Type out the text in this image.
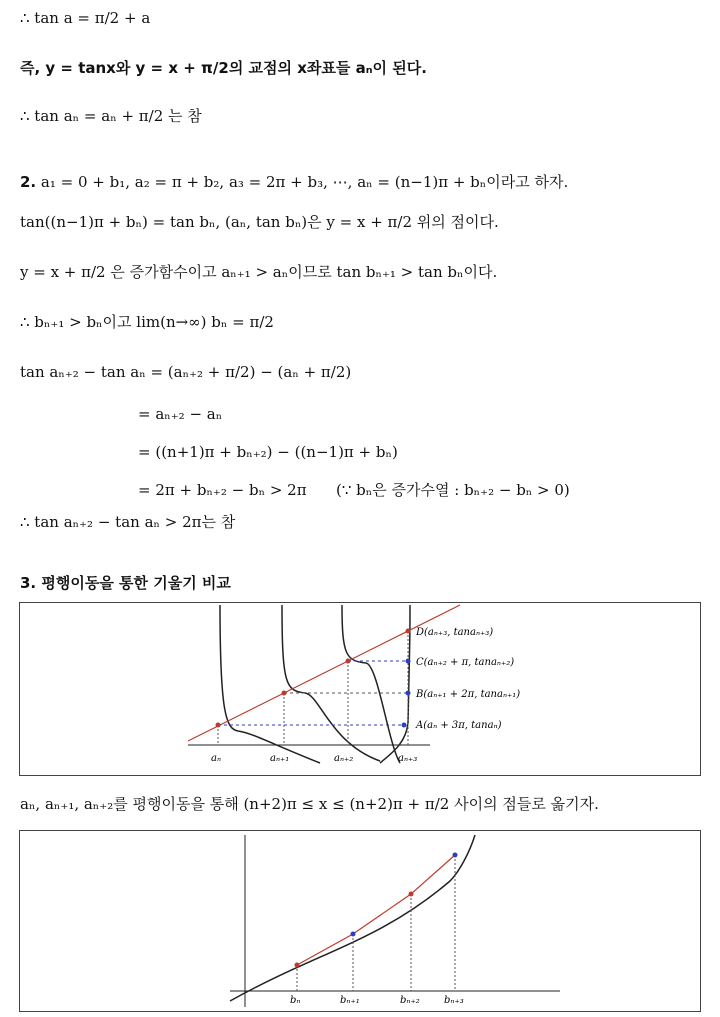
∴ tan a = π/2 + a
즉, y = tanx와 y = x + π/2의 교점의 x좌표들 aₙ이 된다.
∴ tan aₙ = aₙ + π/2 는 참
2. a₁ = 0 + b₁, a₂ = π + b₂, a₃ = 2π + b₃, ⋯, aₙ = (n−1)π + bₙ이라고 하자.
tan((n−1)π + bₙ) = tan bₙ, (aₙ, tan bₙ)은 y = x + π/2 위의 점이다.
y = x + π/2 은 증가함수이고 aₙ₊₁ > aₙ이므로 tan bₙ₊₁ > tan bₙ이다.
∴ bₙ₊₁ > bₙ이고 lim(n→∞) bₙ = π/2
tan aₙ₊₂ − tan aₙ = (aₙ₊₂ + π/2) − (aₙ + π/2)
= aₙ₊₂ − aₙ
= ((n+1)π + bₙ₊₂) − ((n−1)π + bₙ)
= 2π + bₙ₊₂ − bₙ > 2π (∵ bₙ은 증가수열 : bₙ₊₂ − bₙ > 0)
∴ tan aₙ₊₂ − tan aₙ > 2π는 참
3. 평행이동을 통한 기울기 비교
D(aₙ₊₃, tanaₙ₊₃)
C(aₙ₊₂ + π, tanaₙ₊₂)
B(aₙ₊₁ + 2π, tanaₙ₊₁)
A(aₙ + 3π, tanaₙ)
aₙ	aₙ₊₁	aₙ₊₂	aₙ₊₃
aₙ, aₙ₊₁, aₙ₊₂를 평행이동을 통해 (n+2)π ≤ x ≤ (n+2)π + π/2 사이의 점들로 옮기자.
bₙ	bₙ₊₁	bₙ₊₂ bₙ₊₃
